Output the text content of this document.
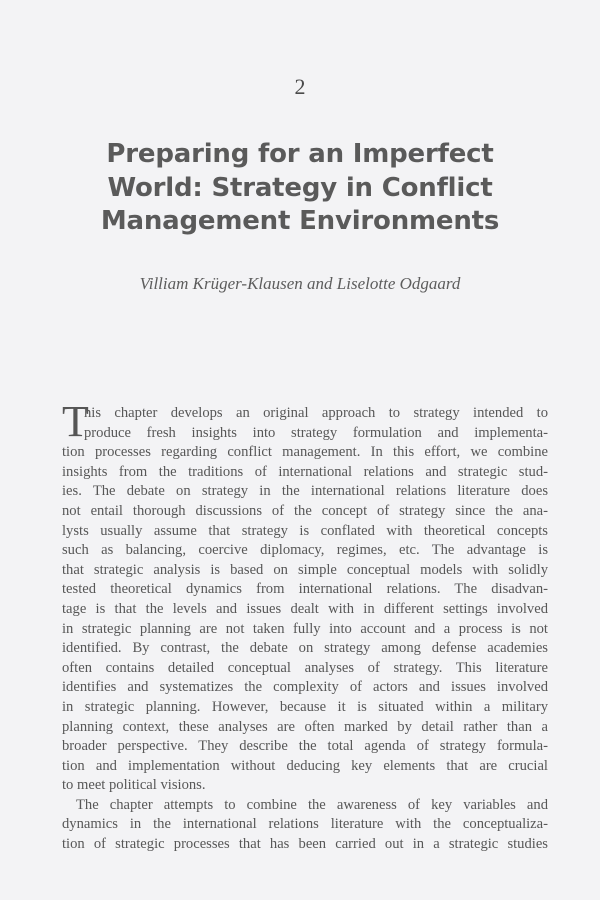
2
Preparing for an Imperfect
World: Strategy in Conflict
Management Environments
Villiam Krüger-Klausen and Liselotte Odgaard
T
his chapter develops an original approach to strategy intended to
produce fresh insights into strategy formulation and implementa-
tion processes regarding conflict management. In this effort, we combine
insights from the traditions of international relations and strategic stud-
ies. The debate on strategy in the international relations literature does
not entail thorough discussions of the concept of strategy since the ana-
lysts usually assume that strategy is conflated with theoretical concepts
such as balancing, coercive diplomacy, regimes, etc. The advantage is
that strategic analysis is based on simple conceptual models with solidly
tested theoretical dynamics from international relations. The disadvan-
tage is that the levels and issues dealt with in different settings involved
in strategic planning are not taken fully into account and a process is not
identified. By contrast, the debate on strategy among defense academies
often contains detailed conceptual analyses of strategy. This literature
identifies and systematizes the complexity of actors and issues involved
in strategic planning. However, because it is situated within a military
planning context, these analyses are often marked by detail rather than a
broader perspective. They describe the total agenda of strategy formula-
tion and implementation without deducing key elements that are crucial
to meet political visions.
The chapter attempts to combine the awareness of key variables and
dynamics in the international relations literature with the conceptualiza-
tion of strategic processes that has been carried out in a strategic studies
